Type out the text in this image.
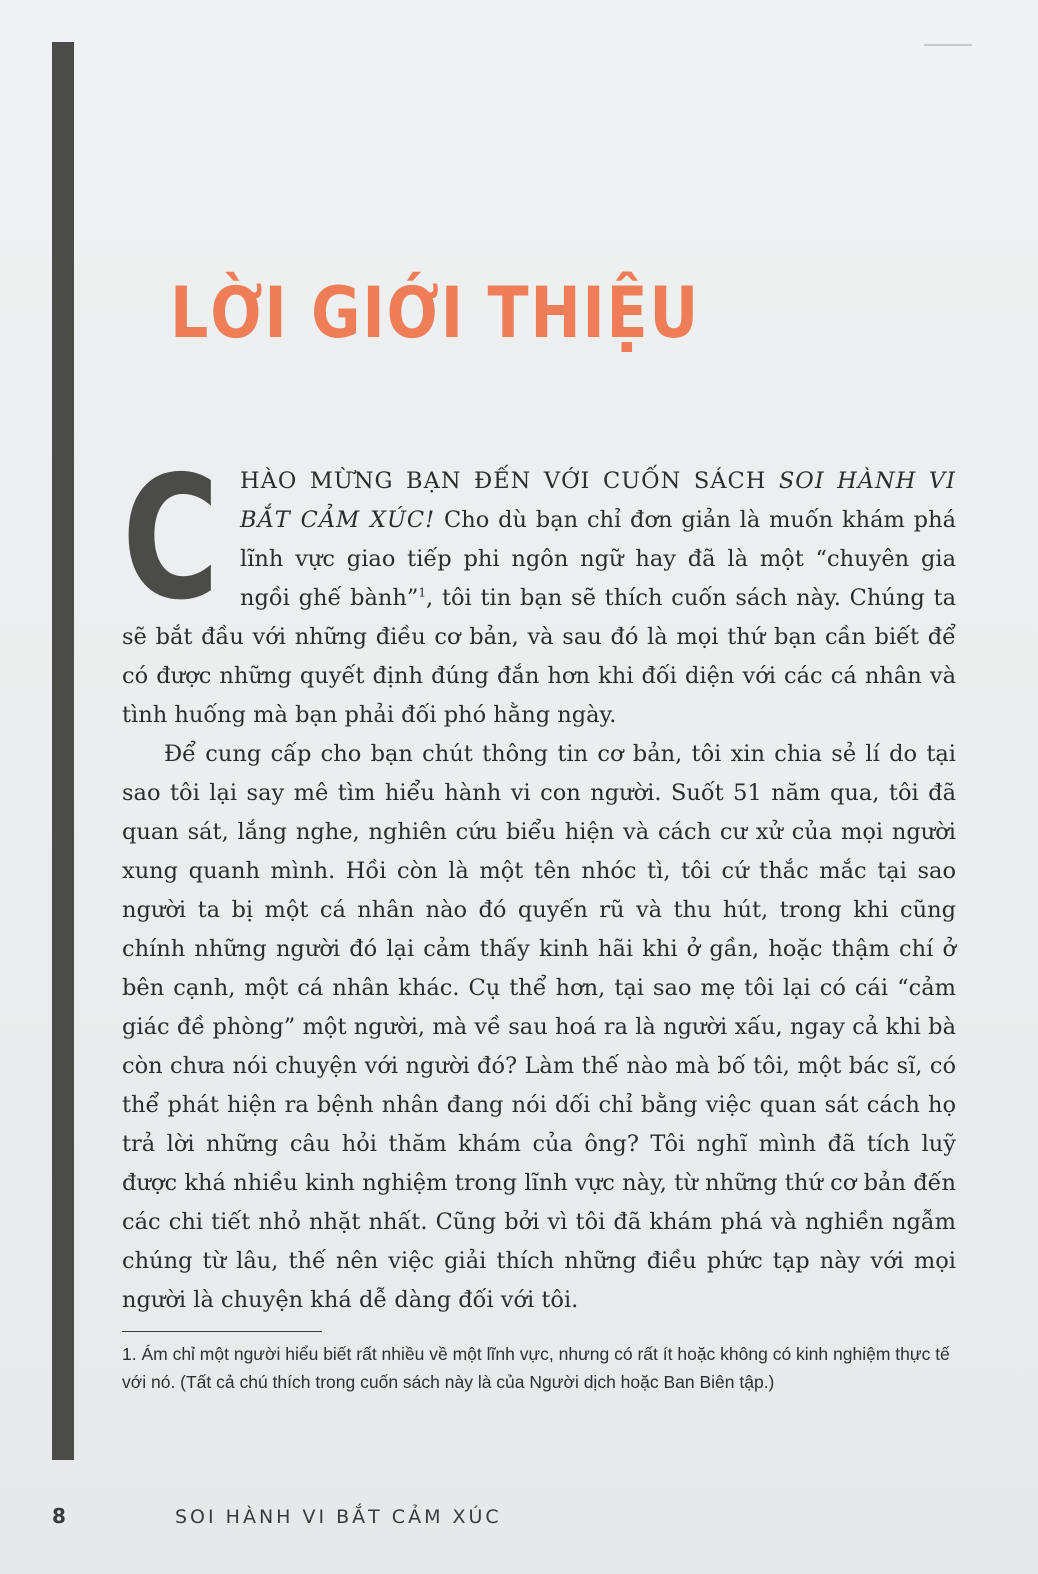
LỜI GIỚI THIỆU

CHÀO MỪNG BẠN ĐẾN VỚI CUỐN SÁCH SOI HÀNH VI BẮT CẢM XÚC! Cho dù bạn chỉ đơn giản là muốn khám phá lĩnh vực giao tiếp phi ngôn ngữ hay đã là một “chuyên gia ngồi ghế bành”$^1$, tôi tin bạn sẽ thích cuốn sách này. Chúng ta sẽ bắt đầu với những điều cơ bản, và sau đó là mọi thứ bạn cần biết để có được những quyết định đúng đắn hơn khi đối diện với các cá nhân và tình huống mà bạn phải đối phó hằng ngày.

Để cung cấp cho bạn chút thông tin cơ bản, tôi xin chia sẻ lí do tại sao tôi lại say mê tìm hiểu hành vi con người. Suốt 51 năm qua, tôi đã quan sát, lắng nghe, nghiên cứu biểu hiện và cách cư xử của mọi người xung quanh mình. Hồi còn là một tên nhóc tì, tôi cứ thắc mắc tại sao người ta bị một cá nhân nào đó quyến rũ và thu hút, trong khi cũng chính những người đó lại cảm thấy kinh hãi khi ở gần, hoặc thậm chí ở bên cạnh, một cá nhân khác. Cụ thể hơn, tại sao mẹ tôi lại có cái “cảm giác đề phòng” một người, mà về sau hoá ra là người xấu, ngay cả khi bà còn chưa nói chuyện với người đó? Làm thế nào mà bố tôi, một bác sĩ, có thể phát hiện ra bệnh nhân đang nói dối chỉ bằng việc quan sát cách họ trả lời những câu hỏi thăm khám của ông? Tôi nghĩ mình đã tích luỹ được khá nhiều kinh nghiệm trong lĩnh vực này, từ những thứ cơ bản đến các chi tiết nhỏ nhặt nhất. Cũng bởi vì tôi đã khám phá và nghiền ngẫm chúng từ lâu, thế nên việc giải thích những điều phức tạp này với mọi người là chuyện khá dễ dàng đối với tôi.

1. Ám chỉ một người hiểu biết rất nhiều về một lĩnh vực, nhưng có rất ít hoặc không có kinh nghiệm thực tế với nó. (Tất cả chú thích trong cuốn sách này là của Người dịch hoặc Ban Biên tập.)
8	SOI HÀNH VI BẮT CẢM XÚC
